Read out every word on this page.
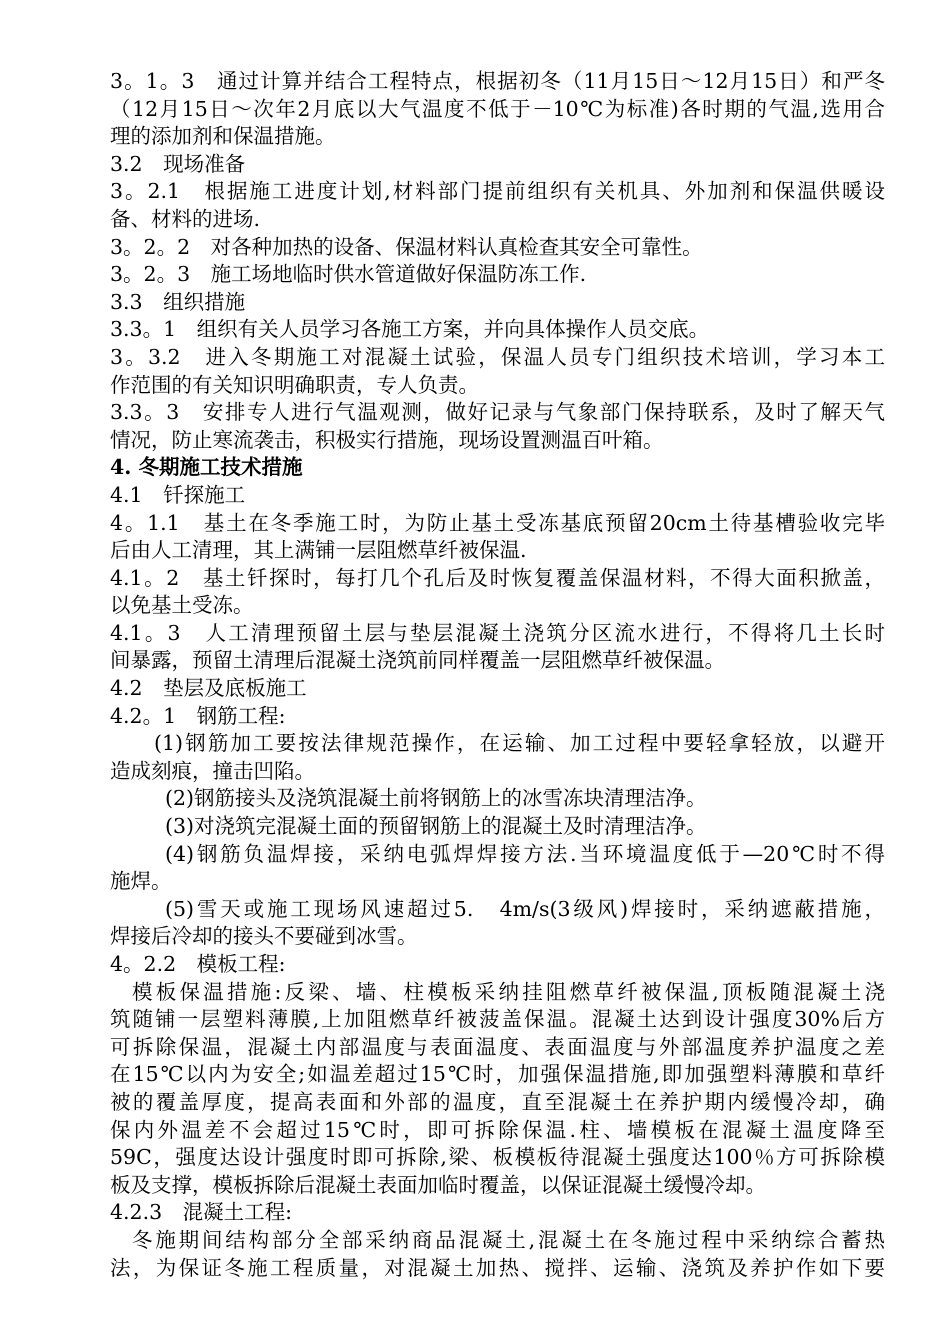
3。1。3　通过计算并结合工程特点，根据初冬（11月15日～12月15日）和严冬
（12月15日～次年2月底以大气温度不低于－10℃为标准)各时期的气温,选用合
理的添加剂和保温措施。
3.2　现场准备
3。2.1　根据施工进度计划,材料部门提前组织有关机具、外加剂和保温供暖设
备、材料的进场.
3。2。2　对各种加热的设备、保温材料认真检查其安全可靠性。
3。2。3　施工场地临时供水管道做好保温防冻工作.
3.3　组织措施
3.3。1　组织有关人员学习各施工方案，并向具体操作人员交底。
3。3.2　进入冬期施工对混凝土试验，保温人员专门组织技术培训，学习本工
作范围的有关知识明确职责，专人负责。
3.3。3　安排专人进行气温观测，做好记录与气象部门保持联系，及时了解天气
情况，防止寒流袭击，积极实行措施，现场设置测温百叶箱。
4. 冬期施工技术措施
4.1　钎探施工
4。1.1　基土在冬季施工时，为防止基土受冻基底预留20cm土待基槽验收完毕
后由人工清理，其上满铺一层阻燃草纤被保温.
4.1。2　基土钎探时，每打几个孔后及时恢复覆盖保温材料，不得大面积掀盖，
以免基土受冻。
4.1。3　人工清理预留土层与垫层混凝土浇筑分区流水进行，不得将几土长时
间暴露，预留土清理后混凝土浇筑前同样覆盖一层阻燃草纤被保温。
4.2　垫层及底板施工
4.2。1　钢筋工程:
(1)钢筋加工要按法律规范操作，在运输、加工过程中要轻拿轻放，以避开
造成刻痕，撞击凹陷。
(2)钢筋接头及浇筑混凝土前将钢筋上的冰雪冻块清理洁净。
(3)对浇筑完混凝土面的预留钢筋上的混凝土及时清理洁净。
(4)钢筋负温焊接，采纳电弧焊焊接方法.当环境温度低于—20℃时不得
施焊。
(5)雪天或施工现场风速超过5.　4m/s(3级风)焊接时，采纳遮蔽措施，
焊接后冷却的接头不要碰到冰雪。
4。2.2　模板工程:
模板保温措施:反梁、墙、柱模板采纳挂阻燃草纤被保温,顶板随混凝土浇
筑随铺一层塑料薄膜,上加阻燃草纤被菠盖保温。混凝土达到设计强度30%后方
可拆除保温，混凝土内部温度与表面温度、表面温度与外部温度养护温度之差
在15℃以内为安全;如温差超过15℃时，加强保温措施,即加强塑料薄膜和草纤
被的覆盖厚度，提高表面和外部的温度，直至混凝土在养护期内缓慢冷却，确
保内外温差不会超过15℃时，即可拆除保温.柱、墙模板在混凝土温度降至
59C，强度达设计强度时即可拆除,梁、板模板待混凝土强度达100％方可拆除模
板及支撑，模板拆除后混凝土表面加临时覆盖，以保证混凝土缓慢冷却。
4.2.3　混凝土工程:
冬施期间结构部分全部采纳商品混凝土,混凝土在冬施过程中采纳综合蓄热
法，为保证冬施工程质量，对混凝土加热、搅拌、运输、浇筑及养护作如下要
